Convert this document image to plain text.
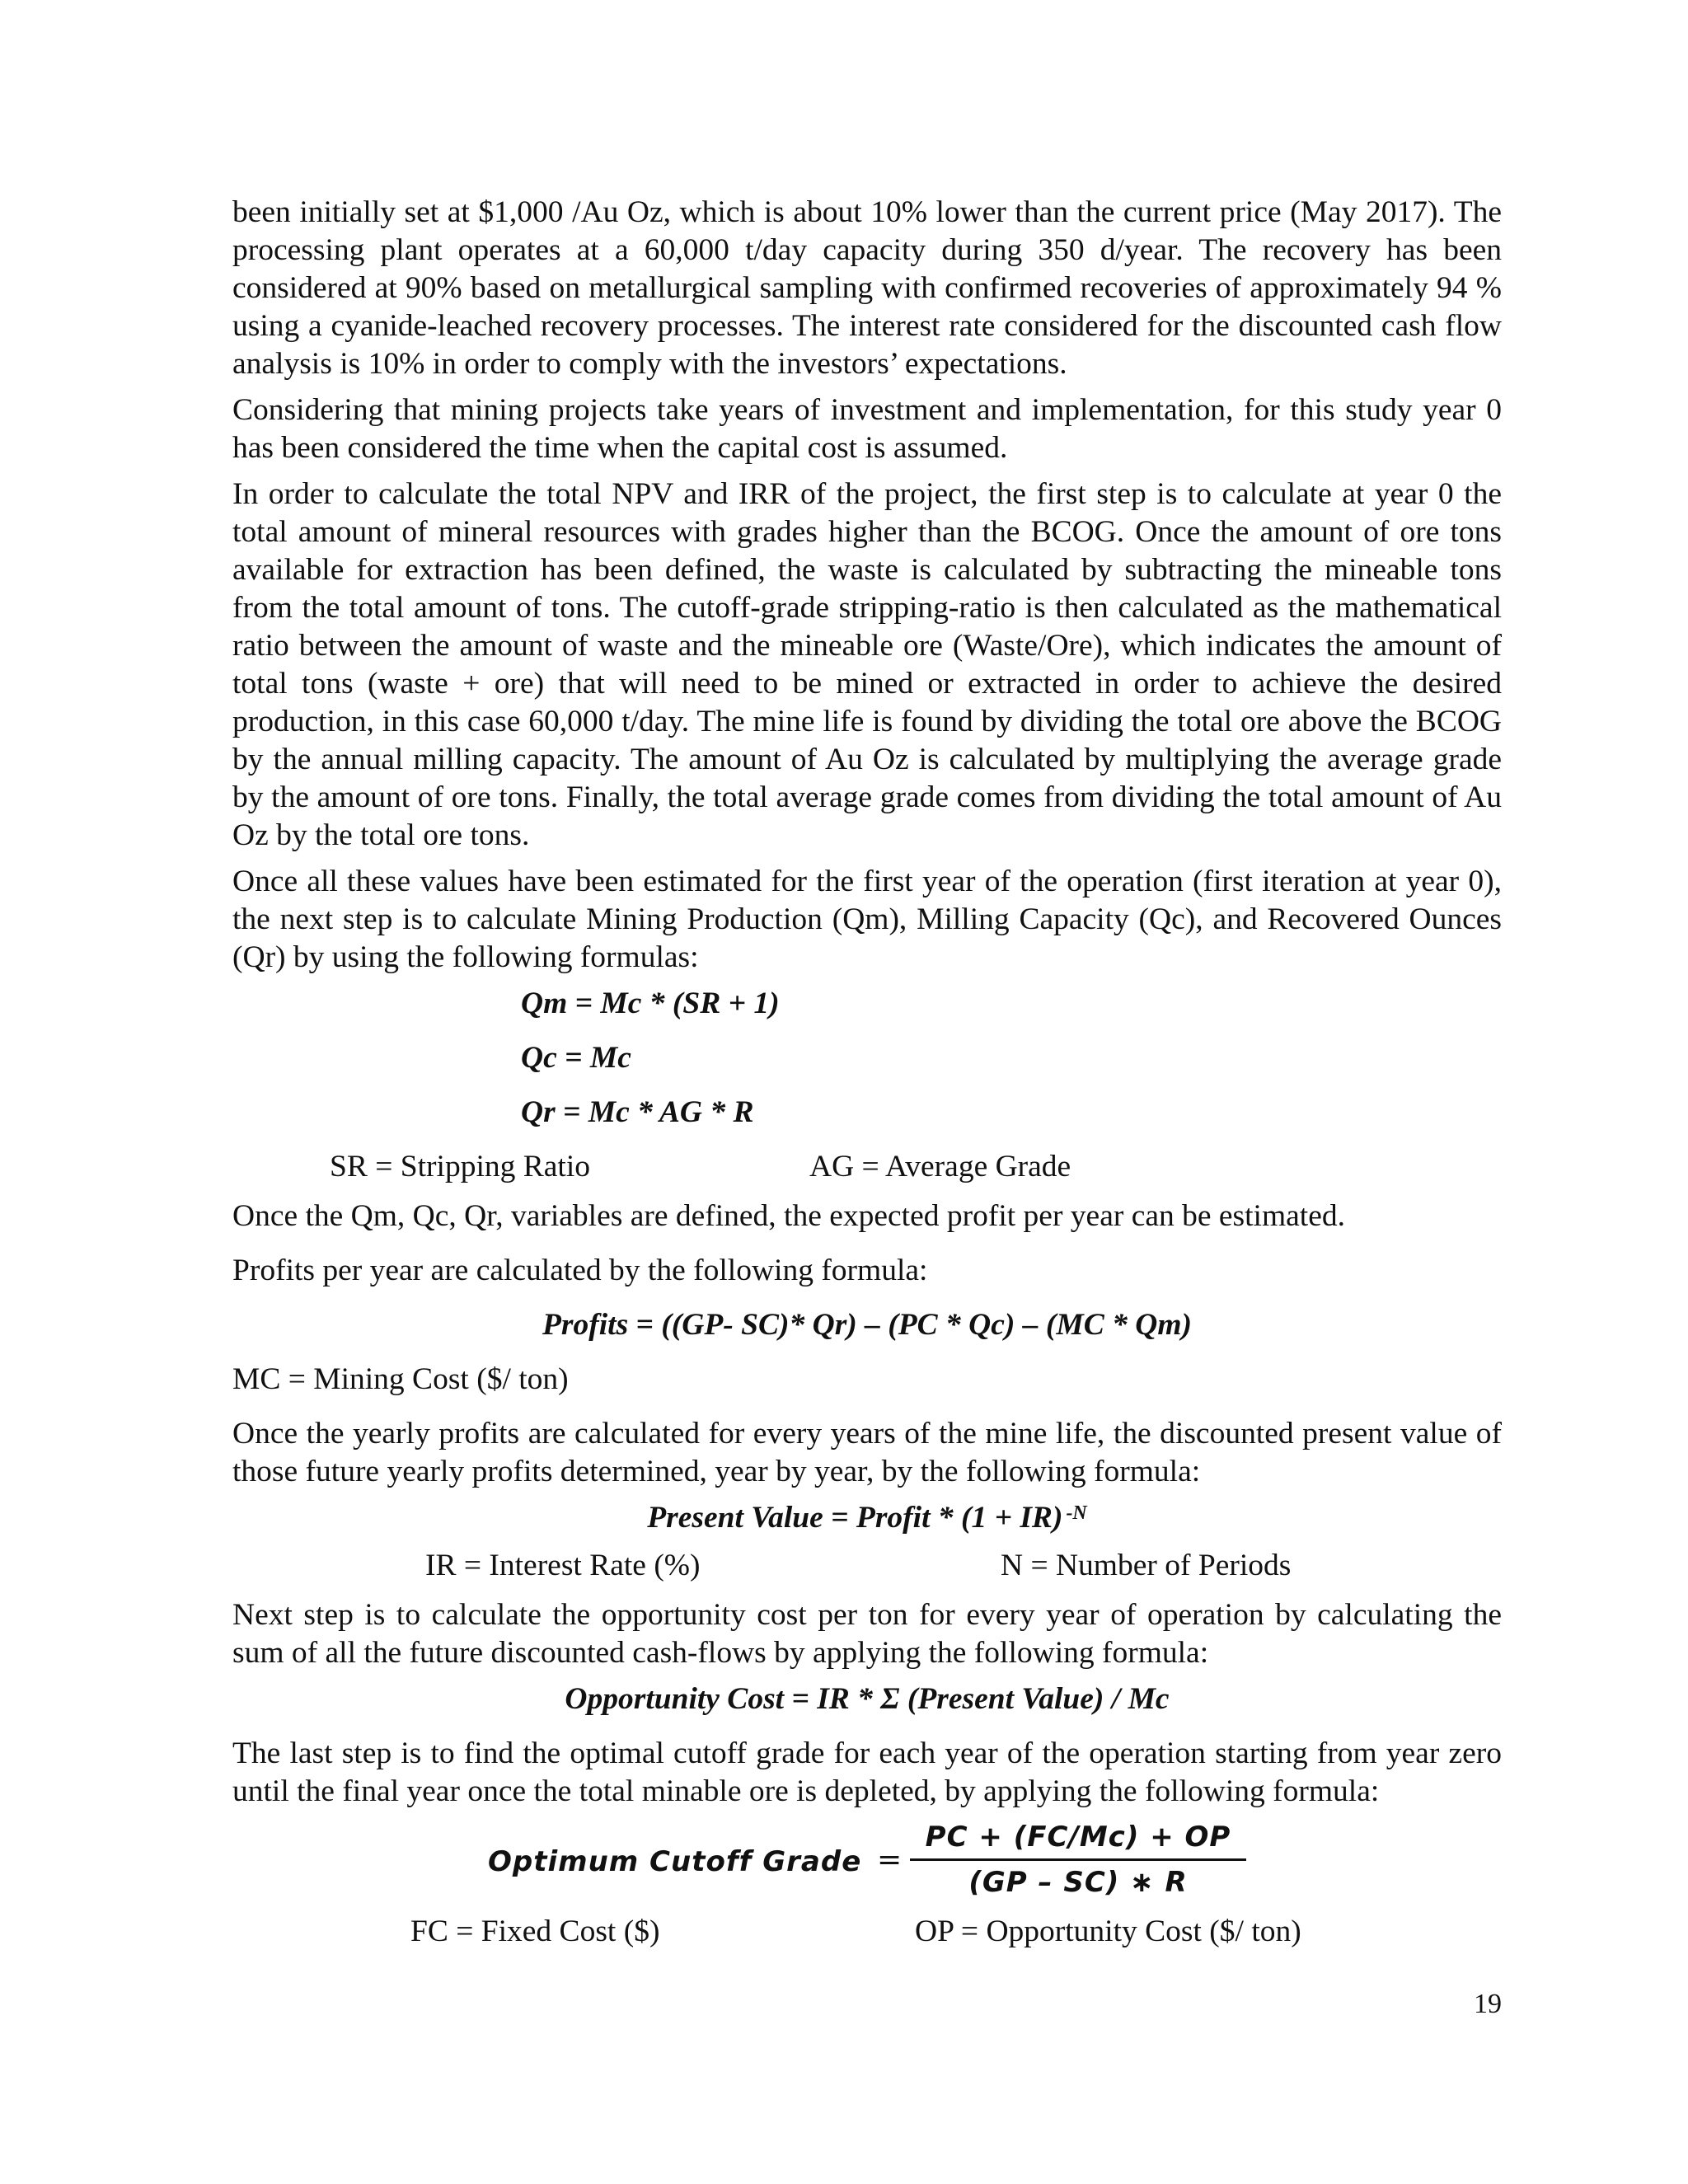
been initially set at $1,000 /Au Oz, which is about 10% lower than the current price (May 2017). The processing plant operates at a 60,000 t/day capacity during 350 d/year. The recovery has been considered at 90% based on metallurgical sampling with confirmed recoveries of approximately 94 % using a cyanide-leached recovery processes. The interest rate considered for the discounted cash flow analysis is 10% in order to comply with the investors’ expectations.

Considering that mining projects take years of investment and implementation, for this study year 0 has been considered the time when the capital cost is assumed.

In order to calculate the total NPV and IRR of the project, the first step is to calculate at year 0 the total amount of mineral resources with grades higher than the BCOG. Once the amount of ore tons available for extraction has been defined, the waste is calculated by subtracting the mineable tons from the total amount of tons. The cutoff-grade stripping-ratio is then calculated as the mathematical ratio between the amount of waste and the mineable ore (Waste/Ore), which indicates the amount of total tons (waste + ore) that will need to be mined or extracted in order to achieve the desired production, in this case 60,000 t/day. The mine life is found by dividing the total ore above the BCOG by the annual milling capacity. The amount of Au Oz is calculated by multiplying the average grade by the amount of ore tons. Finally, the total average grade comes from dividing the total amount of Au Oz by the total ore tons.

Once all these values have been estimated for the first year of the operation (first iteration at year 0), the next step is to calculate Mining Production (Qm), Milling Capacity (Qc), and Recovered Ounces (Qr) by using the following formulas:

Qm = Mc * (SR + 1)
Qc = Mc
Qr = Mc * AG * R
SR = Stripping Ratio	AG = Average Grade
Once the Qm, Qc, Qr, variables are defined, the expected profit per year can be estimated.
Profits per year are calculated by the following formula:
Profits = ((GP- SC)* Qr) – (PC * Qc) – (MC * Qm)
MC = Mining Cost ($/ ton)

Once the yearly profits are calculated for every years of the mine life, the discounted present value of those future yearly profits determined, year by year, by the following formula:

Present Value = Profit * (1 + IR) $^{-N}$
IR = Interest Rate (%)	N = Number of Periods

Next step is to calculate the opportunity cost per ton for every year of operation by calculating the sum of all the future discounted cash-flows by applying the following formula:

Opportunity Cost = IR * Σ (Present Value) / Mc

The last step is to find the optimal cutoff grade for each year of the operation starting from year zero until the final year once the total minable ore is depleted, by applying the following formula:

Optimum Cutoff Grade =
PC + (FC/Mc) + OP
(GP – SC) ∗ R
FC = Fixed Cost ($)	OP = Opportunity Cost ($/ ton)
19
